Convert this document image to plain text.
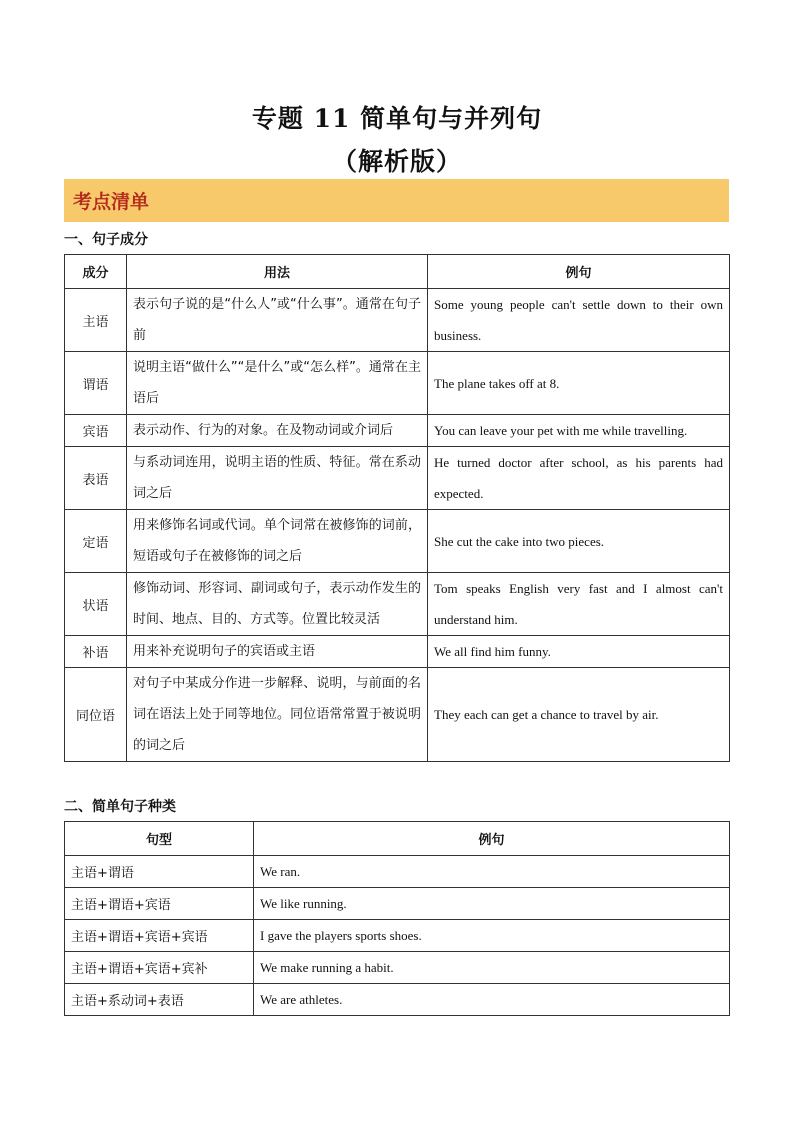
专题 11 简单句与并列句
（解析版）
考点清单
一、句子成分
成分	用法	例句
主语	表示句子说的是“什么人”或“什么事”。通常在句子前	Some young people can't settle down to their own business.
谓语	说明主语“做什么”“是什么”或“怎么样”。通常在主语后	The plane takes off at 8.
宾语	表示动作、行为的对象。在及物动词或介词后	You can leave your pet with me while travelling.
表语	与系动词连用，说明主语的性质、特征。常在系动词之后	He turned doctor after school, as his parents had expected.
定语	用来修饰名词或代词。单个词常在被修饰的词前，短语或句子在被修饰的词之后	She cut the cake into two pieces.
状语	修饰动词、形容词、副词或句子，表示动作发生的时间、地点、目的、方式等。位置比较灵活	Tom speaks English very fast and I almost can't understand him.
补语	用来补充说明句子的宾语或主语	We all find him funny.
同位语	对句子中某成分作进一步解释、说明，与前面的名词在语法上处于同等地位。同位语常常置于被说明的词之后	They each can get a chance to travel by air.
二、简单句子种类
句型	例句
主语+谓语	We ran.
主语+谓语+宾语	We like running.
主语+谓语+宾语+宾语	I gave the players sports shoes.
主语+谓语+宾语+宾补	We make running a habit.
主语+系动词+表语	We are athletes.
